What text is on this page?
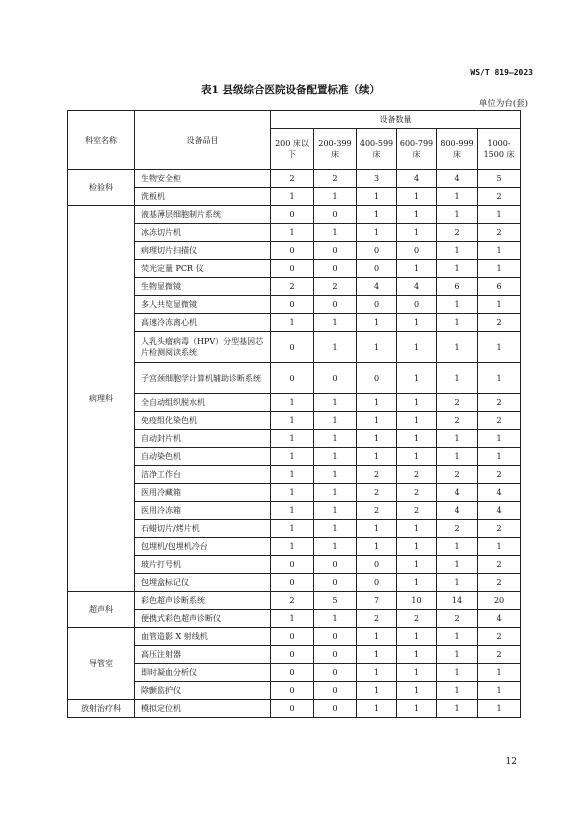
WS/T 819—2023
表1 县级综合医院设备配置标准（续）
单位为台(套)
科室名称	设备品目	设备数量					
		200 床以下	200-399 床	400-599 床	600-799 床	800-999 床	1000-1500 床
检验科	生物安全柜	2	2	3	4	4	5
	洗板机	1	1	1	1	1	2
病理科	液基薄层细胞制片系统	0	0	1	1	1	1
	冰冻切片机	1	1	1	1	2	2
	病理切片扫描仪	0	0	0	0	1	1
	荧光定量 PCR 仪	0	0	0	1	1	1
	生物显微镜	2	2	4	4	6	6
	多人共览显微镜	0	0	0	0	1	1
	高速冷冻离心机	1	1	1	1	1	2
	人乳头瘤病毒（HPV）分型基因芯片检测阅读系统	0	1	1	1	1	1
	子宫颈细胞学计算机辅助诊断系统	0	0	0	1	1	1
	全自动组织脱水机	1	1	1	1	2	2
	免疫组化染色机	1	1	1	1	2	2
	自动封片机	1	1	1	1	1	1
	自动染色机	1	1	1	1	1	1
	洁净工作台	1	1	2	2	2	2
	医用冷藏箱	1	1	2	2	4	4
	医用冷冻箱	1	1	2	2	4	4
	石蜡切片/烤片机	1	1	1	1	2	2
	包埋机/包埋机冷台	1	1	1	1	1	1
	玻片打号机	0	0	0	1	1	2
	包埋盒标记仪	0	0	0	1	1	2
超声科	彩色超声诊断系统	2	5	7	10	14	20
	便携式彩色超声诊断仪	1	1	2	2	2	4
导管室	血管造影 X 射线机	0	0	1	1	1	2
	高压注射器	0	0	1	1	1	2
	即时凝血分析仪	0	0	1	1	1	1
	除颤监护仪	0	0	1	1	1	1
放射治疗科	模拟定位机	0	0	1	1	1	1
12
